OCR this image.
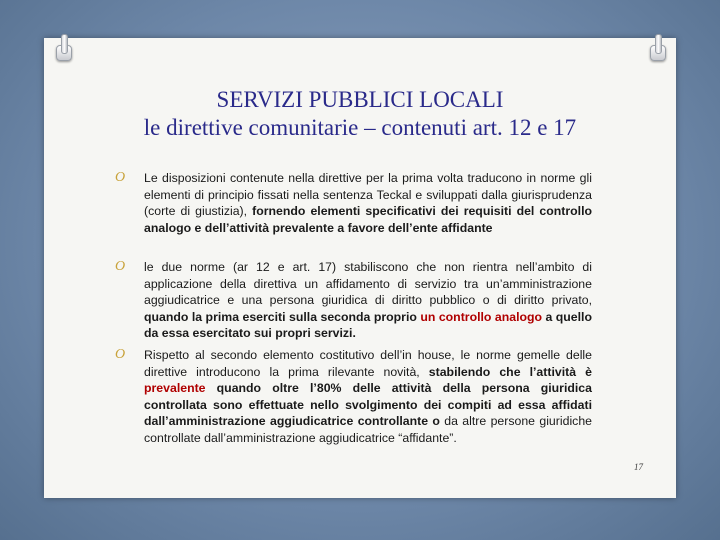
SERVIZI PUBBLICI LOCALI
le direttive comunitarie – contenuti art. 12 e 17
O Le disposizioni contenute nella direttive per la prima volta traducono in norme gli elementi di principio fissati nella sentenza Teckal e sviluppati dalla giurisprudenza (corte di giustizia), fornendo elementi specificativi dei requisiti del controllo analogo e dell’attività prevalente a favore dell’ente affidante
O le due norme (ar 12 e art. 17) stabiliscono che non rientra nell’ambito di applicazione della direttiva un affidamento di servizio tra un’amministrazione aggiudicatrice e una persona giuridica di diritto pubblico o di diritto privato, quando la prima eserciti sulla seconda proprio un controllo analogo a quello da essa esercitato sui propri servizi.
O Rispetto al secondo elemento costitutivo dell’in house, le norme gemelle delle direttive introducono la prima rilevante novità, stabilendo che l’attività è prevalente quando oltre l’80% delle attività della persona giuridica controllata sono effettuate nello svolgimento dei compiti ad essa affidati dall’amministrazione aggiudicatrice controllante o da altre persone giuridiche controllate dall’amministrazione aggiudicatrice “affidante”.
17
